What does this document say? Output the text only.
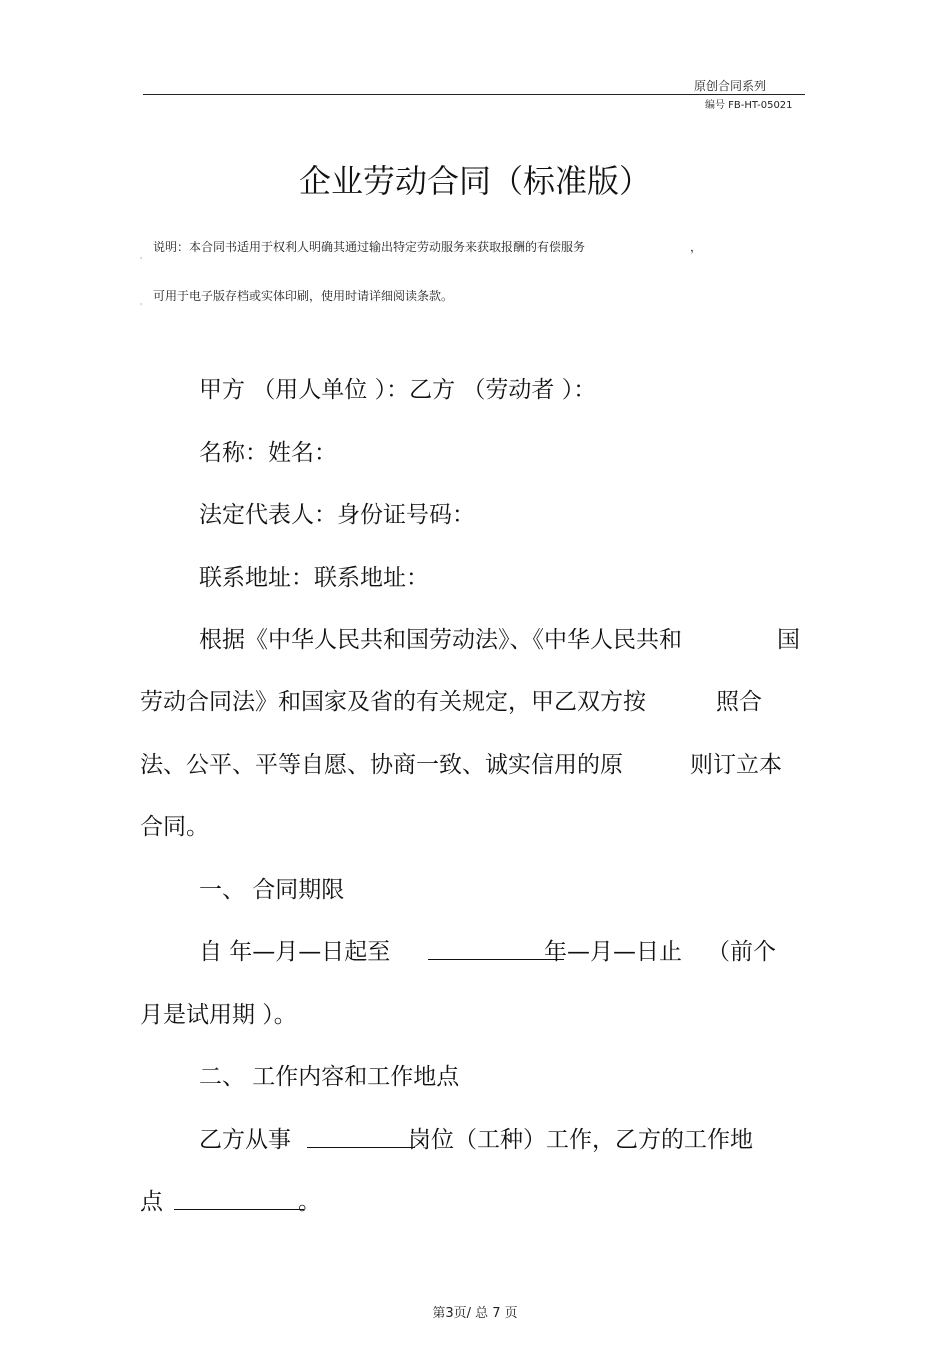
原创合同系列
编号 FB-HT-05021
企业劳动合同（标准版）
说明：本合同书适用于权利人明确其通过输出特定劳动服务来获取报酬的有偿服务	，
'
可用于电子版存档或实体印刷，使用时请详细阅读条款。
'
甲方 （用人单位 ）：乙方 （劳动者 ）：
名称：姓名：
法定代表人：身份证号码：
联系地址：联系地址：
根据《中华人民共和国劳动法》、《中华人民共和	国
劳动合同法》和国家及省的有关规定，甲乙双方按	照合
法、公平、平等自愿、协商一致、诚实信用的原	则订立本
合同。
一、 合同期限
自 年—月—日起至	年—月—日止 （前个
月是试用期 ）。
二、 工作内容和工作地点
乙方从事	岗位（工种）工作，乙方的工作地
点	。
第3页/ 总 7 页
